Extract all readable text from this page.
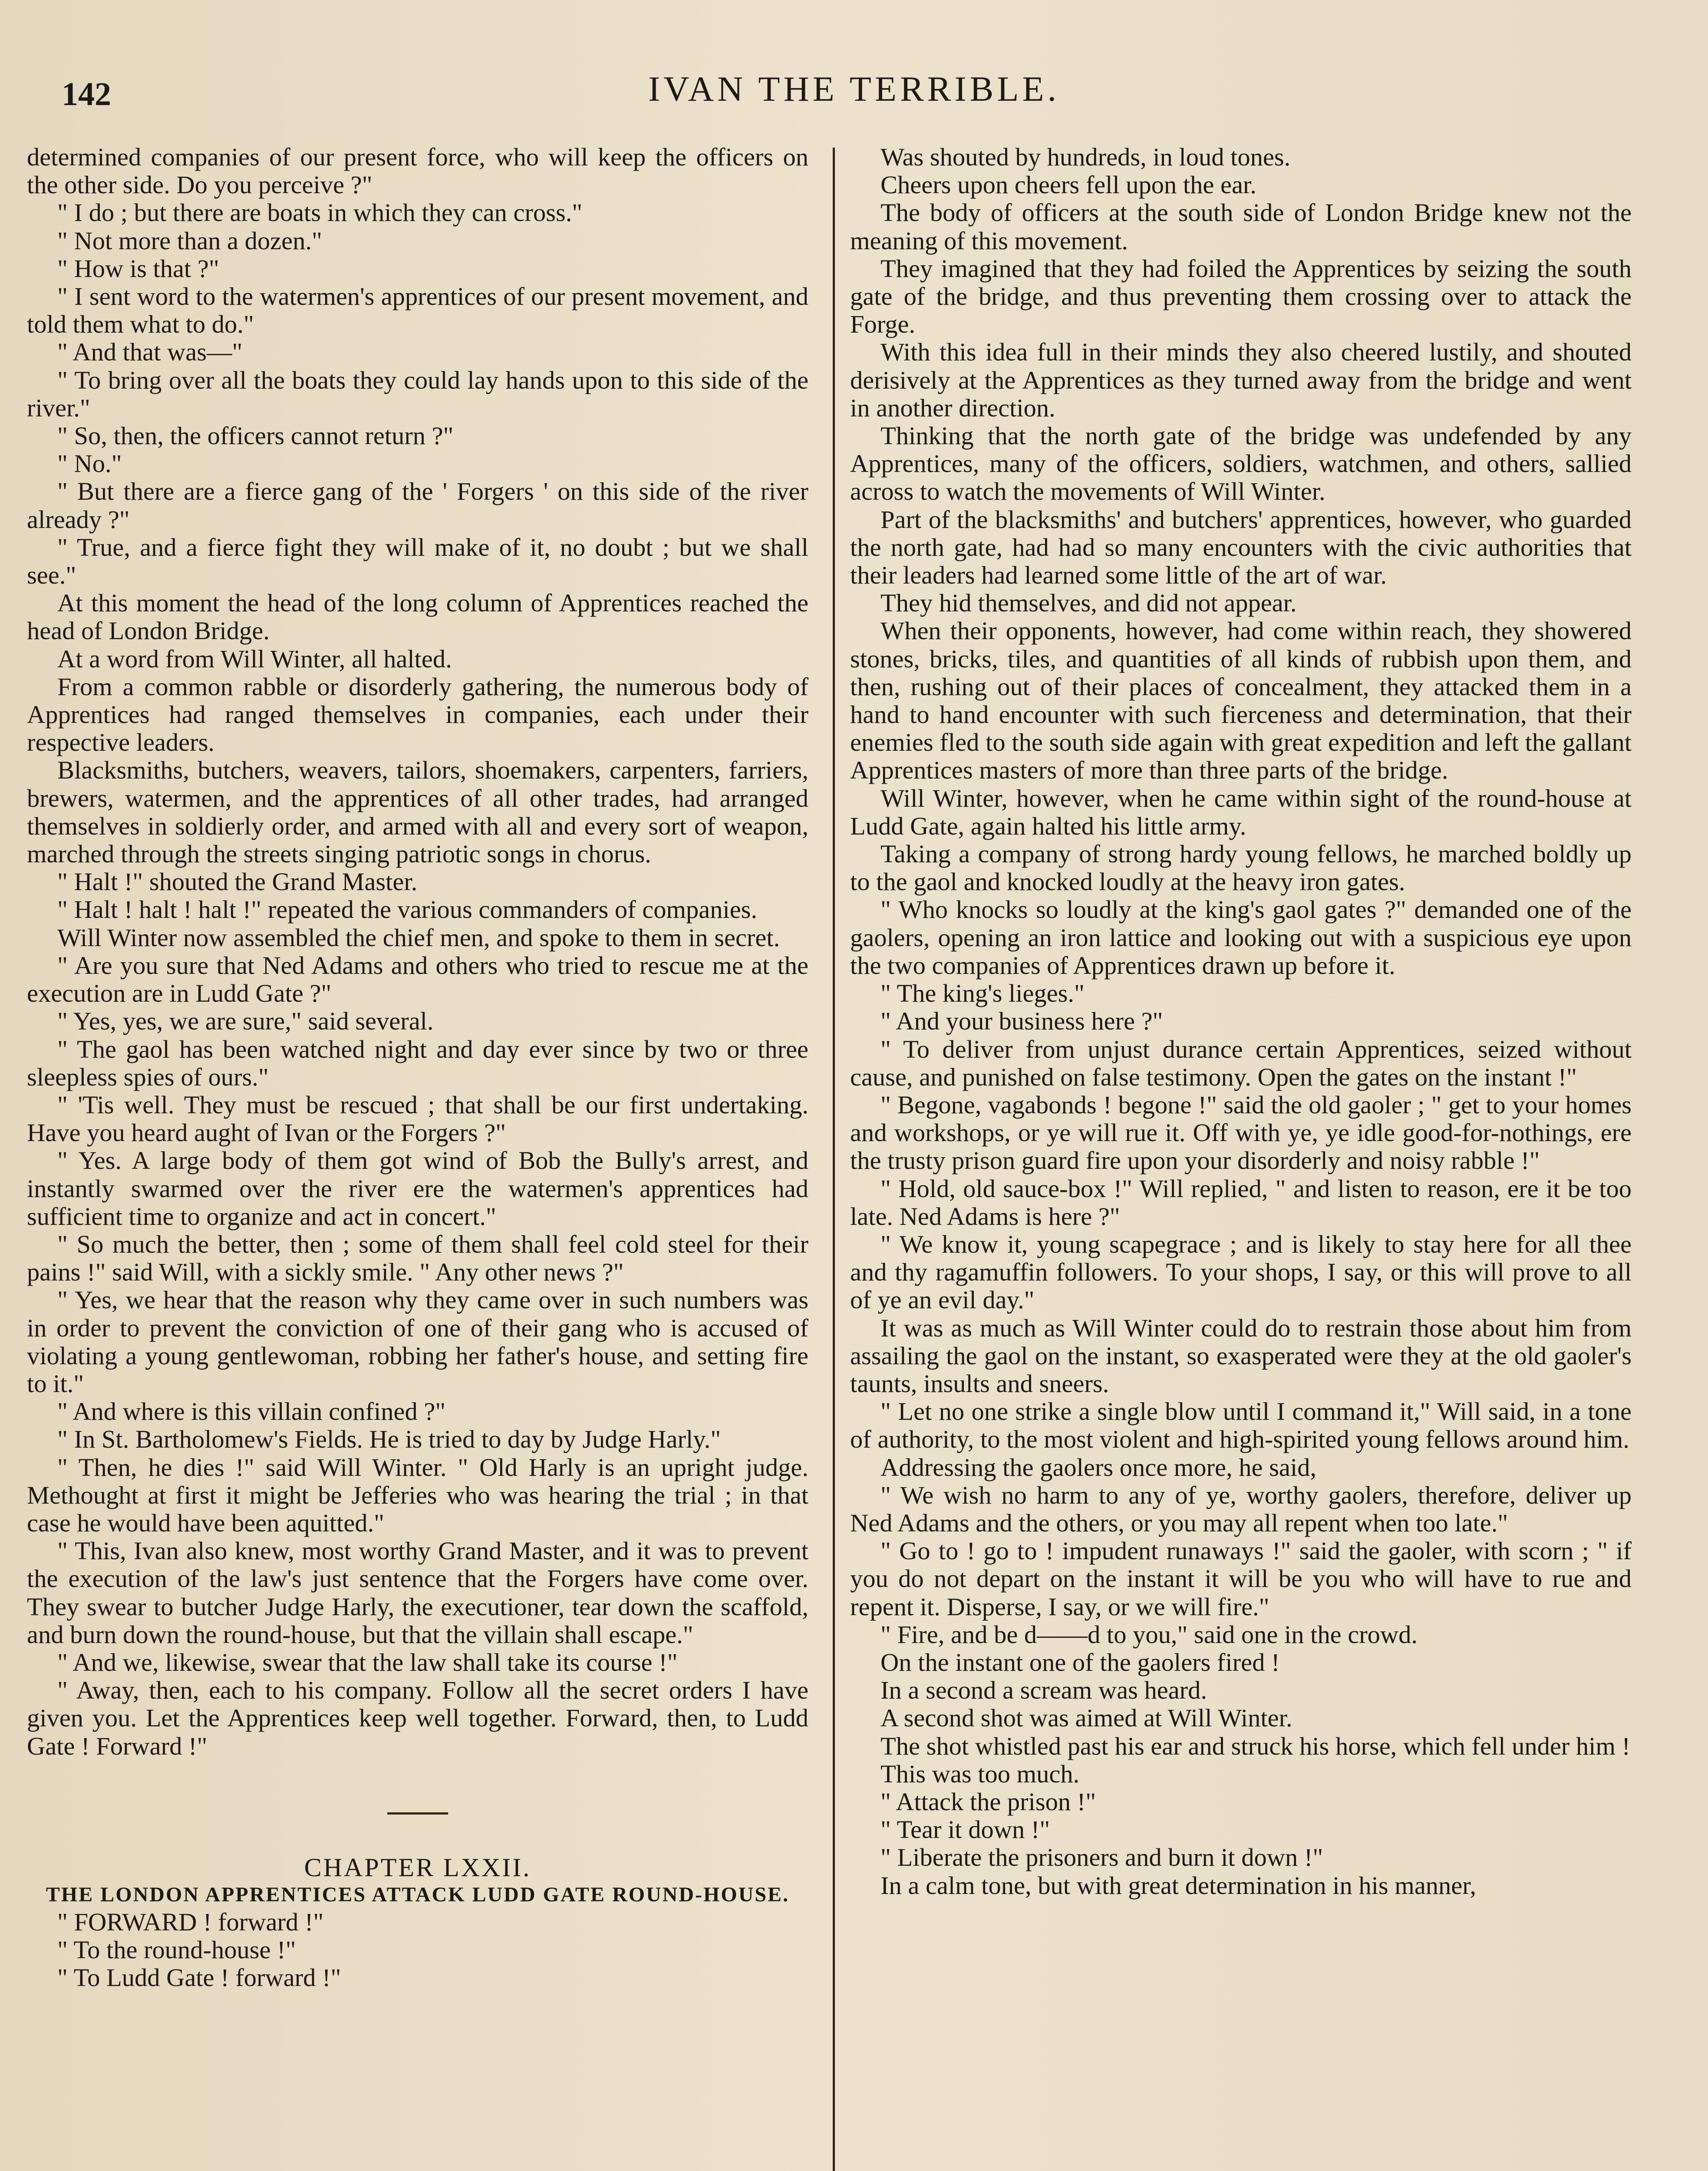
142	IVAN THE TERRIBLE.

determined companies of our present force, who will keep the officers on the other side. Do you perceive ?"

" I do ; but there are boats in which they can cross."

" Not more than a dozen."

" How is that ?"

" I sent word to the watermen's apprentices of our present movement, and told them what to do."

" And that was—"

" To bring over all the boats they could lay hands upon to this side of the river."

" So, then, the officers cannot return ?"

" No."

" But there are a fierce gang of the ' Forgers ' on this side of the river already ?"

" True, and a fierce fight they will make of it, no doubt ; but we shall see."

At this moment the head of the long column of Apprentices reached the head of London Bridge.

At a word from Will Winter, all halted.

From a common rabble or disorderly gathering, the numerous body of Apprentices had ranged themselves in companies, each under their respective leaders.

Blacksmiths, butchers, weavers, tailors, shoemakers, carpenters, farriers, brewers, watermen, and the apprentices of all other trades, had arranged themselves in soldierly order, and armed with all and every sort of weapon, marched through the streets singing patriotic songs in chorus.

" Halt !" shouted the Grand Master.

" Halt ! halt ! halt !" repeated the various commanders of companies.

Will Winter now assembled the chief men, and spoke to them in secret.

" Are you sure that Ned Adams and others who tried to rescue me at the execution are in Ludd Gate ?"

" Yes, yes, we are sure," said several.

" The gaol has been watched night and day ever since by two or three sleepless spies of ours."

" 'Tis well. They must be rescued ; that shall be our first undertaking. Have you heard aught of Ivan or the Forgers ?"

" Yes. A large body of them got wind of Bob the Bully's arrest, and instantly swarmed over the river ere the watermen's apprentices had sufficient time to organize and act in concert."

" So much the better, then ; some of them shall feel cold steel for their pains !" said Will, with a sickly smile. " Any other news ?"

" Yes, we hear that the reason why they came over in such numbers was in order to prevent the conviction of one of their gang who is accused of violating a young gentlewoman, robbing her father's house, and setting fire to it."

" And where is this villain confined ?"

" In St. Bartholomew's Fields. He is tried to day by Judge Harly."

" Then, he dies !" said Will Winter. " Old Harly is an upright judge. Methought at first it might be Jefferies who was hearing the trial ; in that case he would have been aquitted."

" This, Ivan also knew, most worthy Grand Master, and it was to prevent the execution of the law's just sentence that the Forgers have come over. They swear to butcher Judge Harly, the executioner, tear down the scaffold, and burn down the round-house, but that the villain shall escape."

" And we, likewise, swear that the law shall take its course !"

" Away, then, each to his company. Follow all the secret orders I have given you. Let the Apprentices keep well together. Forward, then, to Ludd Gate ! Forward !"

CHAPTER LXXII.

THE LONDON APPRENTICES ATTACK LUDD GATE ROUND-HOUSE.

" FORWARD ! forward !"

" To the round-house !"

" To Ludd Gate ! forward !"

Was shouted by hundreds, in loud tones.

Cheers upon cheers fell upon the ear.

The body of officers at the south side of London Bridge knew not the meaning of this movement.

They imagined that they had foiled the Apprentices by seizing the south gate of the bridge, and thus preventing them crossing over to attack the Forge.

With this idea full in their minds they also cheered lustily, and shouted derisively at the Apprentices as they turned away from the bridge and went in another direction.

Thinking that the north gate of the bridge was undefended by any Apprentices, many of the officers, soldiers, watchmen, and others, sallied across to watch the movements of Will Winter.

Part of the blacksmiths' and butchers' apprentices, however, who guarded the north gate, had had so many encounters with the civic authorities that their leaders had learned some little of the art of war.

They hid themselves, and did not appear.

When their opponents, however, had come within reach, they showered stones, bricks, tiles, and quantities of all kinds of rubbish upon them, and then, rushing out of their places of concealment, they attacked them in a hand to hand encounter with such fierceness and determination, that their enemies fled to the south side again with great expedition and left the gallant Apprentices masters of more than three parts of the bridge.

Will Winter, however, when he came within sight of the round-house at Ludd Gate, again halted his little army.

Taking a company of strong hardy young fellows, he marched boldly up to the gaol and knocked loudly at the heavy iron gates.

" Who knocks so loudly at the king's gaol gates ?" demanded one of the gaolers, opening an iron lattice and looking out with a suspicious eye upon the two companies of Apprentices drawn up before it.

" The king's lieges."

" And your business here ?"

" To deliver from unjust durance certain Apprentices, seized without cause, and punished on false testimony. Open the gates on the instant !"

" Begone, vagabonds ! begone !" said the old gaoler ; " get to your homes and workshops, or ye will rue it. Off with ye, ye idle good-for-nothings, ere the trusty prison guard fire upon your disorderly and noisy rabble !"

" Hold, old sauce-box !" Will replied, " and listen to reason, ere it be too late. Ned Adams is here ?"

" We know it, young scapegrace ; and is likely to stay here for all thee and thy ragamuffin followers. To your shops, I say, or this will prove to all of ye an evil day."

It was as much as Will Winter could do to restrain those about him from assailing the gaol on the instant, so exasperated were they at the old gaoler's taunts, insults and sneers.

" Let no one strike a single blow until I command it," Will said, in a tone of authority, to the most violent and high-spirited young fellows around him.

Addressing the gaolers once more, he said,

" We wish no harm to any of ye, worthy gaolers, therefore, deliver up Ned Adams and the others, or you may all repent when too late."

" Go to ! go to ! impudent runaways !" said the gaoler, with scorn ; " if you do not depart on the instant it will be you who will have to rue and repent it. Disperse, I say, or we will fire."

" Fire, and be d——d to you," said one in the crowd.

On the instant one of the gaolers fired !

In a second a scream was heard.

A second shot was aimed at Will Winter.

The shot whistled past his ear and struck his horse, which fell under him !

This was too much.

" Attack the prison !"

" Tear it down !"

" Liberate the prisoners and burn it down !"

In a calm tone, but with great determination in his manner,
